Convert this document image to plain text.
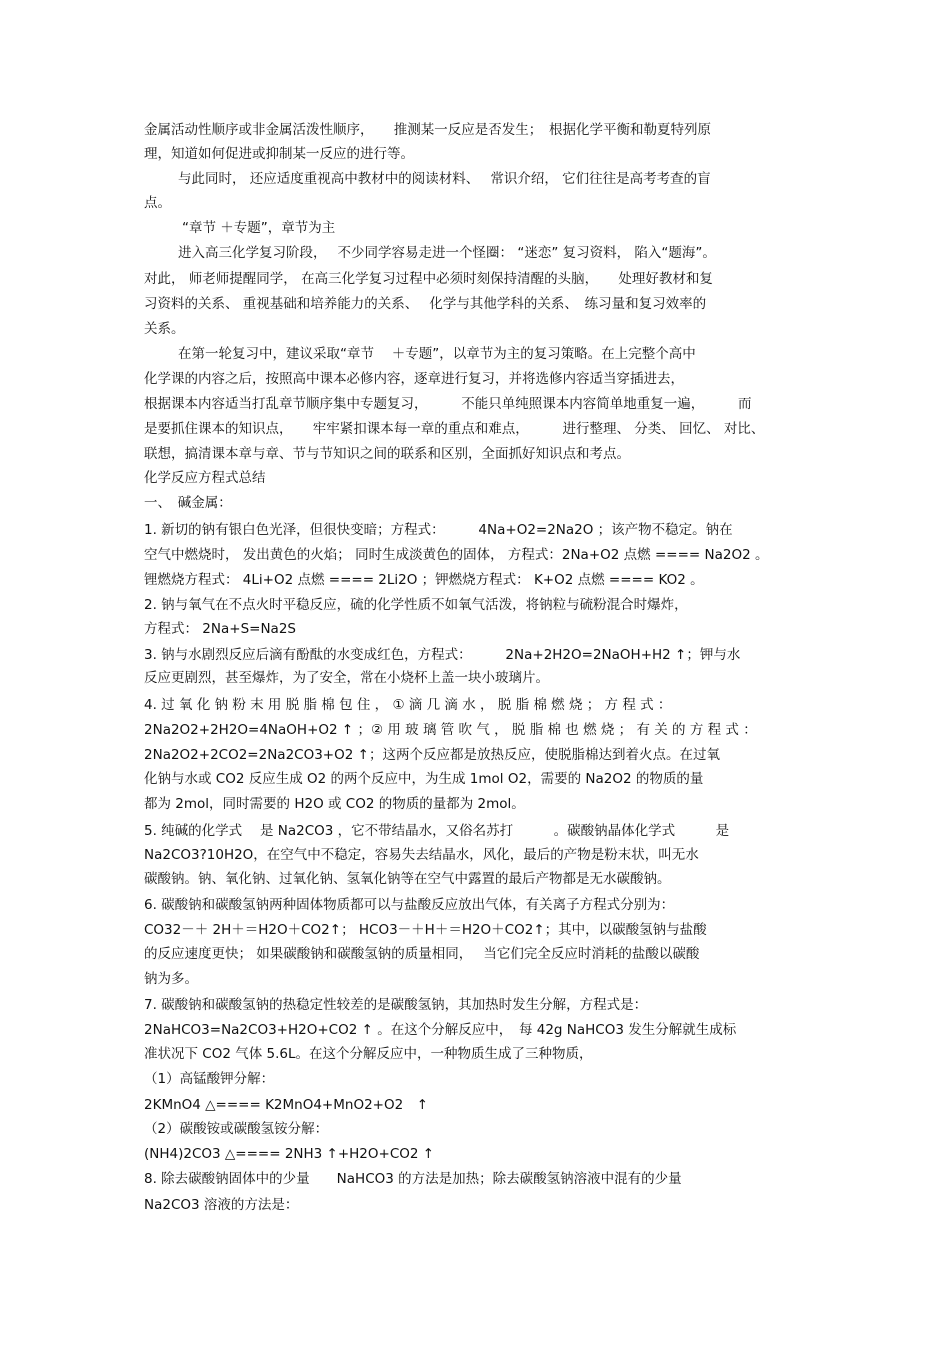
金属活动性顺序或非金属活泼性顺序，　　推测某一反应是否发生；　根据化学平衡和勒夏特列原
理，知道如何促进或抑制某一反应的进行等。
与此同时， 还应适度重视高中教材中的阅读材料、　 常识介绍， 它们往往是高考考查的盲
点。
“章节 ＋专题”，章节为主
进入高三化学复习阶段，　 不少同学容易走进一个怪圈： “迷恋” 复习资料， 陷入“题海”。
对此， 师老师提醒同学， 在高三化学复习过程中必须时刻保持清醒的头脑，　　处理好教材和复
习资料的关系、 重视基础和培养能力的关系、　 化学与其他学科的关系、　练习量和复习效率的
关系。
在第一轮复习中，建议采取“章节　 ＋专题”，以章节为主的复习策略。在上完整个高中
化学课的内容之后，按照高中课本必修内容，逐章进行复习，并将选修内容适当穿插进去，
根据课本内容适当打乱章节顺序集中专题复习，　　　不能只单纯照课本内容简单地重复一遍，　　　而
是要抓住课本的知识点，　　牢牢紧扣课本每一章的重点和难点，　　　进行整理、 分类、 回忆、 对比、
联想，搞清课本章与章、节与节知识之间的联系和区别，全面抓好知识点和考点。
化学反应方程式总结
一、　碱金属：
1. 新切的钠有银白色光泽，但很快变暗；方程式：　　　4Na+O2=2Na2O ；该产物不稳定。钠在
空气中燃烧时， 发出黄色的火焰； 同时生成淡黄色的固体， 方程式：2Na+O2 点燃 ==== Na2O2 。
锂燃烧方程式： 4Li+O2 点燃 ==== 2Li2O ；钾燃烧方程式： K+O2 点燃 ==== KO2 。
2. 钠与氧气在不点火时平稳反应，硫的化学性质不如氧气活泼，将钠粒与硫粉混合时爆炸，
方程式： 2Na+S=Na2S
3. 钠与水剧烈反应后滴有酚酞的水变成红色，方程式：　　　2Na+2H2O=2NaOH+H2 ↑；钾与水
反应更剧烈，甚至爆炸，为了安全，常在小烧杯上盖一块小玻璃片。
4. 过 氧 化 钠 粉 末 用 脱 脂 棉 包 住 ， ① 滴 几 滴 水 ， 脱 脂 棉 燃 烧 ； 方 程 式 ：
2Na2O2+2H2O=4NaOH+O2 ↑ ；② 用 玻 璃 管 吹 气 ， 脱 脂 棉 也 燃 烧 ； 有 关 的 方 程 式 ：
2Na2O2+2CO2=2Na2CO3+O2 ↑；这两个反应都是放热反应，使脱脂棉达到着火点。在过氧
化钠与水或 CO2 反应生成 O2 的两个反应中，为生成 1mol O2，需要的 Na2O2 的物质的量
都为 2mol，同时需要的 H2O 或 CO2 的物质的量都为 2mol。
5. 纯碱的化学式　 是 Na2CO3 ，它不带结晶水，又俗名苏打　　　。碳酸钠晶体化学式　　　是
Na2CO3?10H2O，在空气中不稳定，容易失去结晶水，风化，最后的产物是粉末状，叫无水
碳酸钠。钠、氧化钠、过氧化钠、氢氧化钠等在空气中露置的最后产物都是无水碳酸钠。
6. 碳酸钠和碳酸氢钠两种固体物质都可以与盐酸反应放出气体，有关离子方程式分别为：
CO32－＋ 2H＋＝H2O＋CO2↑； HCO3－＋H＋＝H2O＋CO2↑；其中，以碳酸氢钠与盐酸
的反应速度更快； 如果碳酸钠和碳酸氢钠的质量相同，　 当它们完全反应时消耗的盐酸以碳酸
钠为多。
7. 碳酸钠和碳酸氢钠的热稳定性较差的是碳酸氢钠，其加热时发生分解，方程式是：
2NaHCO3=Na2CO3+H2O+CO2 ↑ 。在这个分解反应中，　每 42g NaHCO3 发生分解就生成标
准状况下 CO2 气体 5.6L。在这个分解反应中，一种物质生成了三种物质，
（1）高锰酸钾分解：
2KMnO4 △==== K2MnO4+MnO2+O2　↑
（2）碳酸铵或碳酸氢铵分解：
(NH4)2CO3 △==== 2NH3 ↑+H2O+CO2 ↑
8. 除去碳酸钠固体中的少量　　NaHCO3 的方法是加热；除去碳酸氢钠溶液中混有的少量
Na2CO3 溶液的方法是：
